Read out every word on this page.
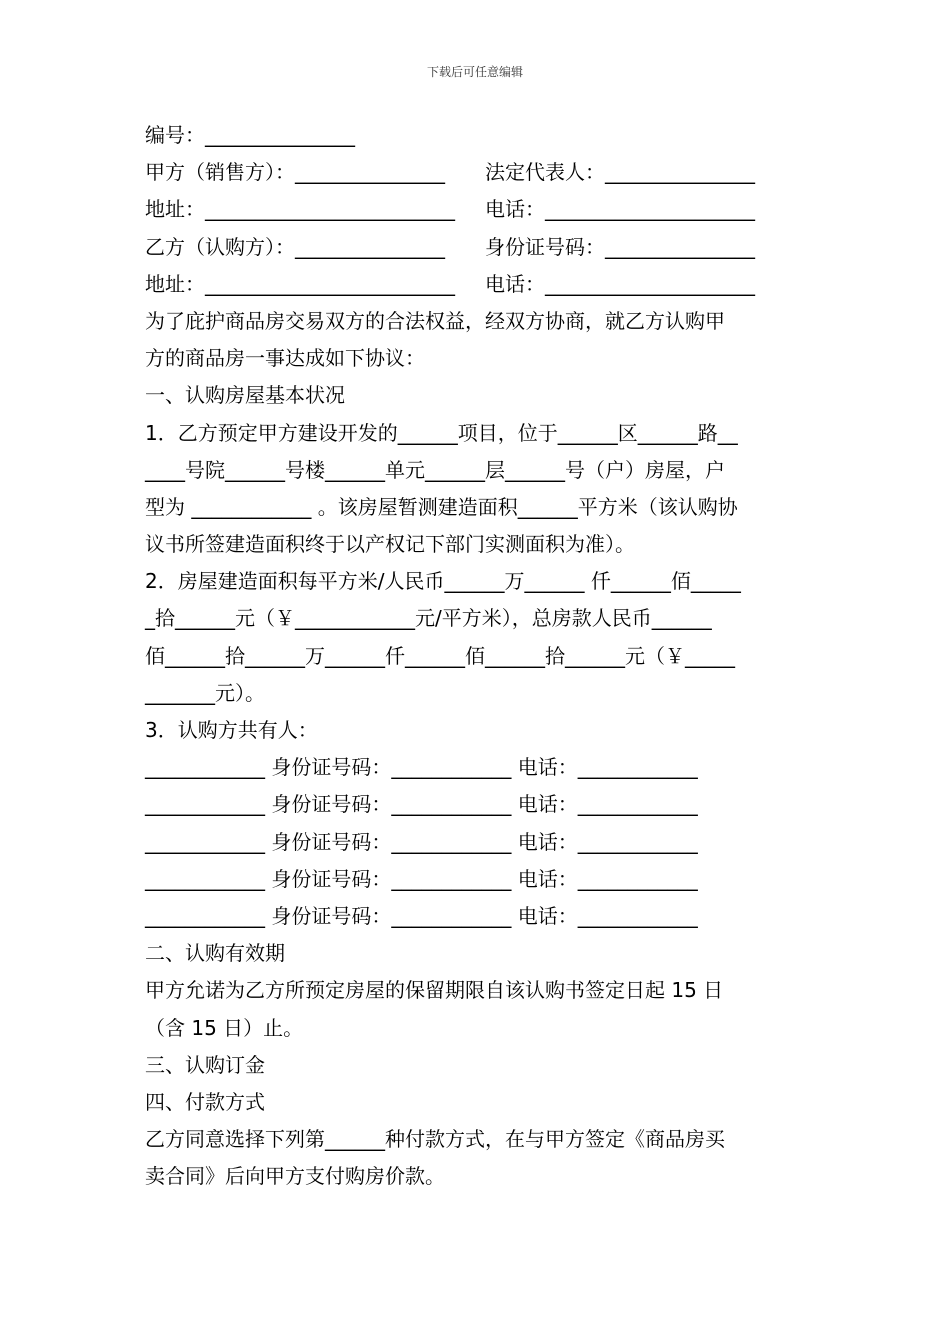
下载后可任意编辑
编号：_______________
甲方（销售方）：_______________	法定代表人：_______________
地址：_________________________	电话：_____________________
乙方（认购方）：_______________	身份证号码：_______________
地址：_________________________	电话：_____________________
为了庇护商品房交易双方的合法权益，经双方协商，就乙方认购甲
方的商品房一事达成如下协议：
一、认购房屋基本状况
1．乙方预定甲方建设开发的______项目，位于______区______路__
____号院______号楼______单元______层______号（户）房屋，户
型为 ____________ 。该房屋暂测建造面积______平方米（该认购协
议书所签建造面积终于以产权记下部门实测面积为准）。
2．房屋建造面积每平方米/人民币______万______ 仟______佰_____
_拾______元（￥____________元/平方米），总房款人民币______
佰______拾______万______仟______佰______拾______元（￥_____
_______元）。
3．认购方共有人：
____________ 身份证号码：____________ 电话：____________
____________ 身份证号码：____________ 电话：____________
____________ 身份证号码：____________ 电话：____________
____________ 身份证号码：____________ 电话：____________
____________ 身份证号码：____________ 电话：____________
二、认购有效期
甲方允诺为乙方所预定房屋的保留期限自该认购书签定日起 15 日
（含 15 日）止。
三、认购订金
四、付款方式
乙方同意选择下列第______种付款方式，在与甲方签定《商品房买
卖合同》后向甲方支付购房价款。
